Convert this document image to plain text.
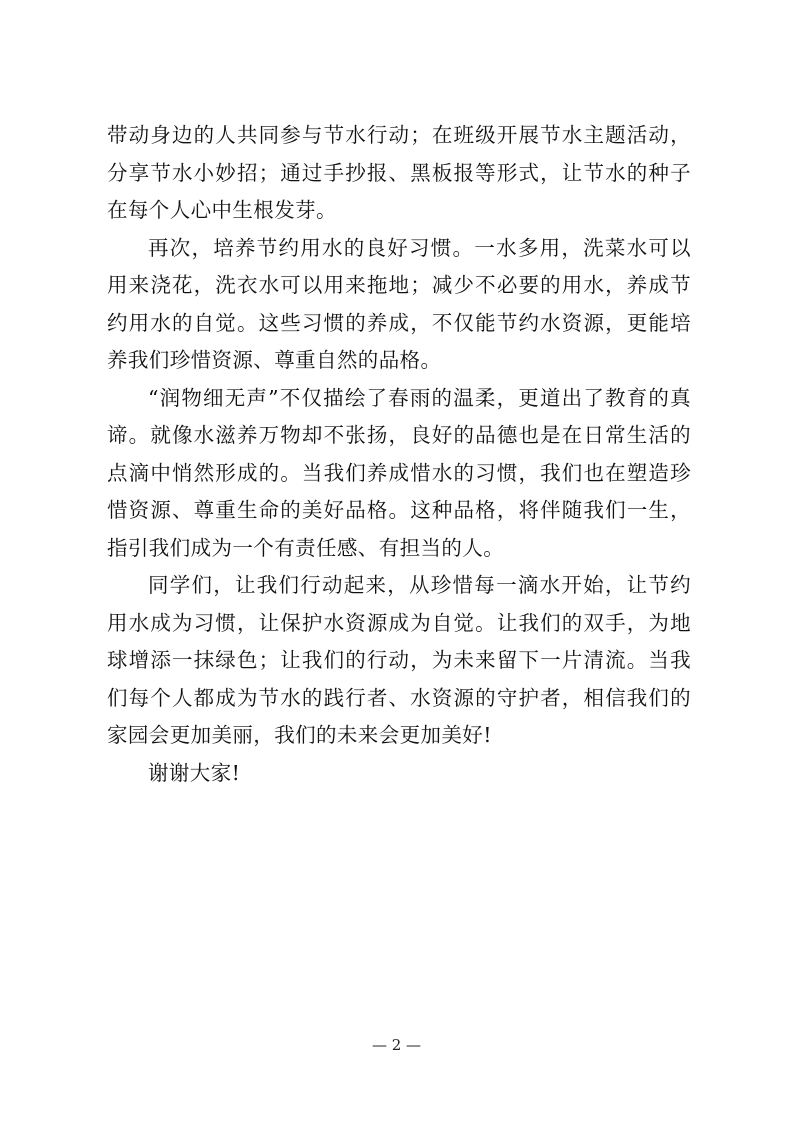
带动身边的人共同参与节水行动；在班级开展节水主题活动，分享节水小妙招；通过手抄报、黑板报等形式，让节水的种子在每个人心中生根发芽。

再次，培养节约用水的良好习惯。一水多用，洗菜水可以用来浇花，洗衣水可以用来拖地；减少不必要的用水，养成节约用水的自觉。这些习惯的养成，不仅能节约水资源，更能培养我们珍惜资源、尊重自然的品格。

“润物细无声”不仅描绘了春雨的温柔，更道出了教育的真谛。就像水滋养万物却不张扬，良好的品德也是在日常生活的点滴中悄然形成的。当我们养成惜水的习惯，我们也在塑造珍惜资源、尊重生命的美好品格。这种品格，将伴随我们一生，指引我们成为一个有责任感、有担当的人。

同学们，让我们行动起来，从珍惜每一滴水开始，让节约用水成为习惯，让保护水资源成为自觉。让我们的双手，为地球增添一抹绿色；让我们的行动，为未来留下一片清流。当我们每个人都成为节水的践行者、水资源的守护者，相信我们的家园会更加美丽，我们的未来会更加美好!

谢谢大家!

— 2 —
